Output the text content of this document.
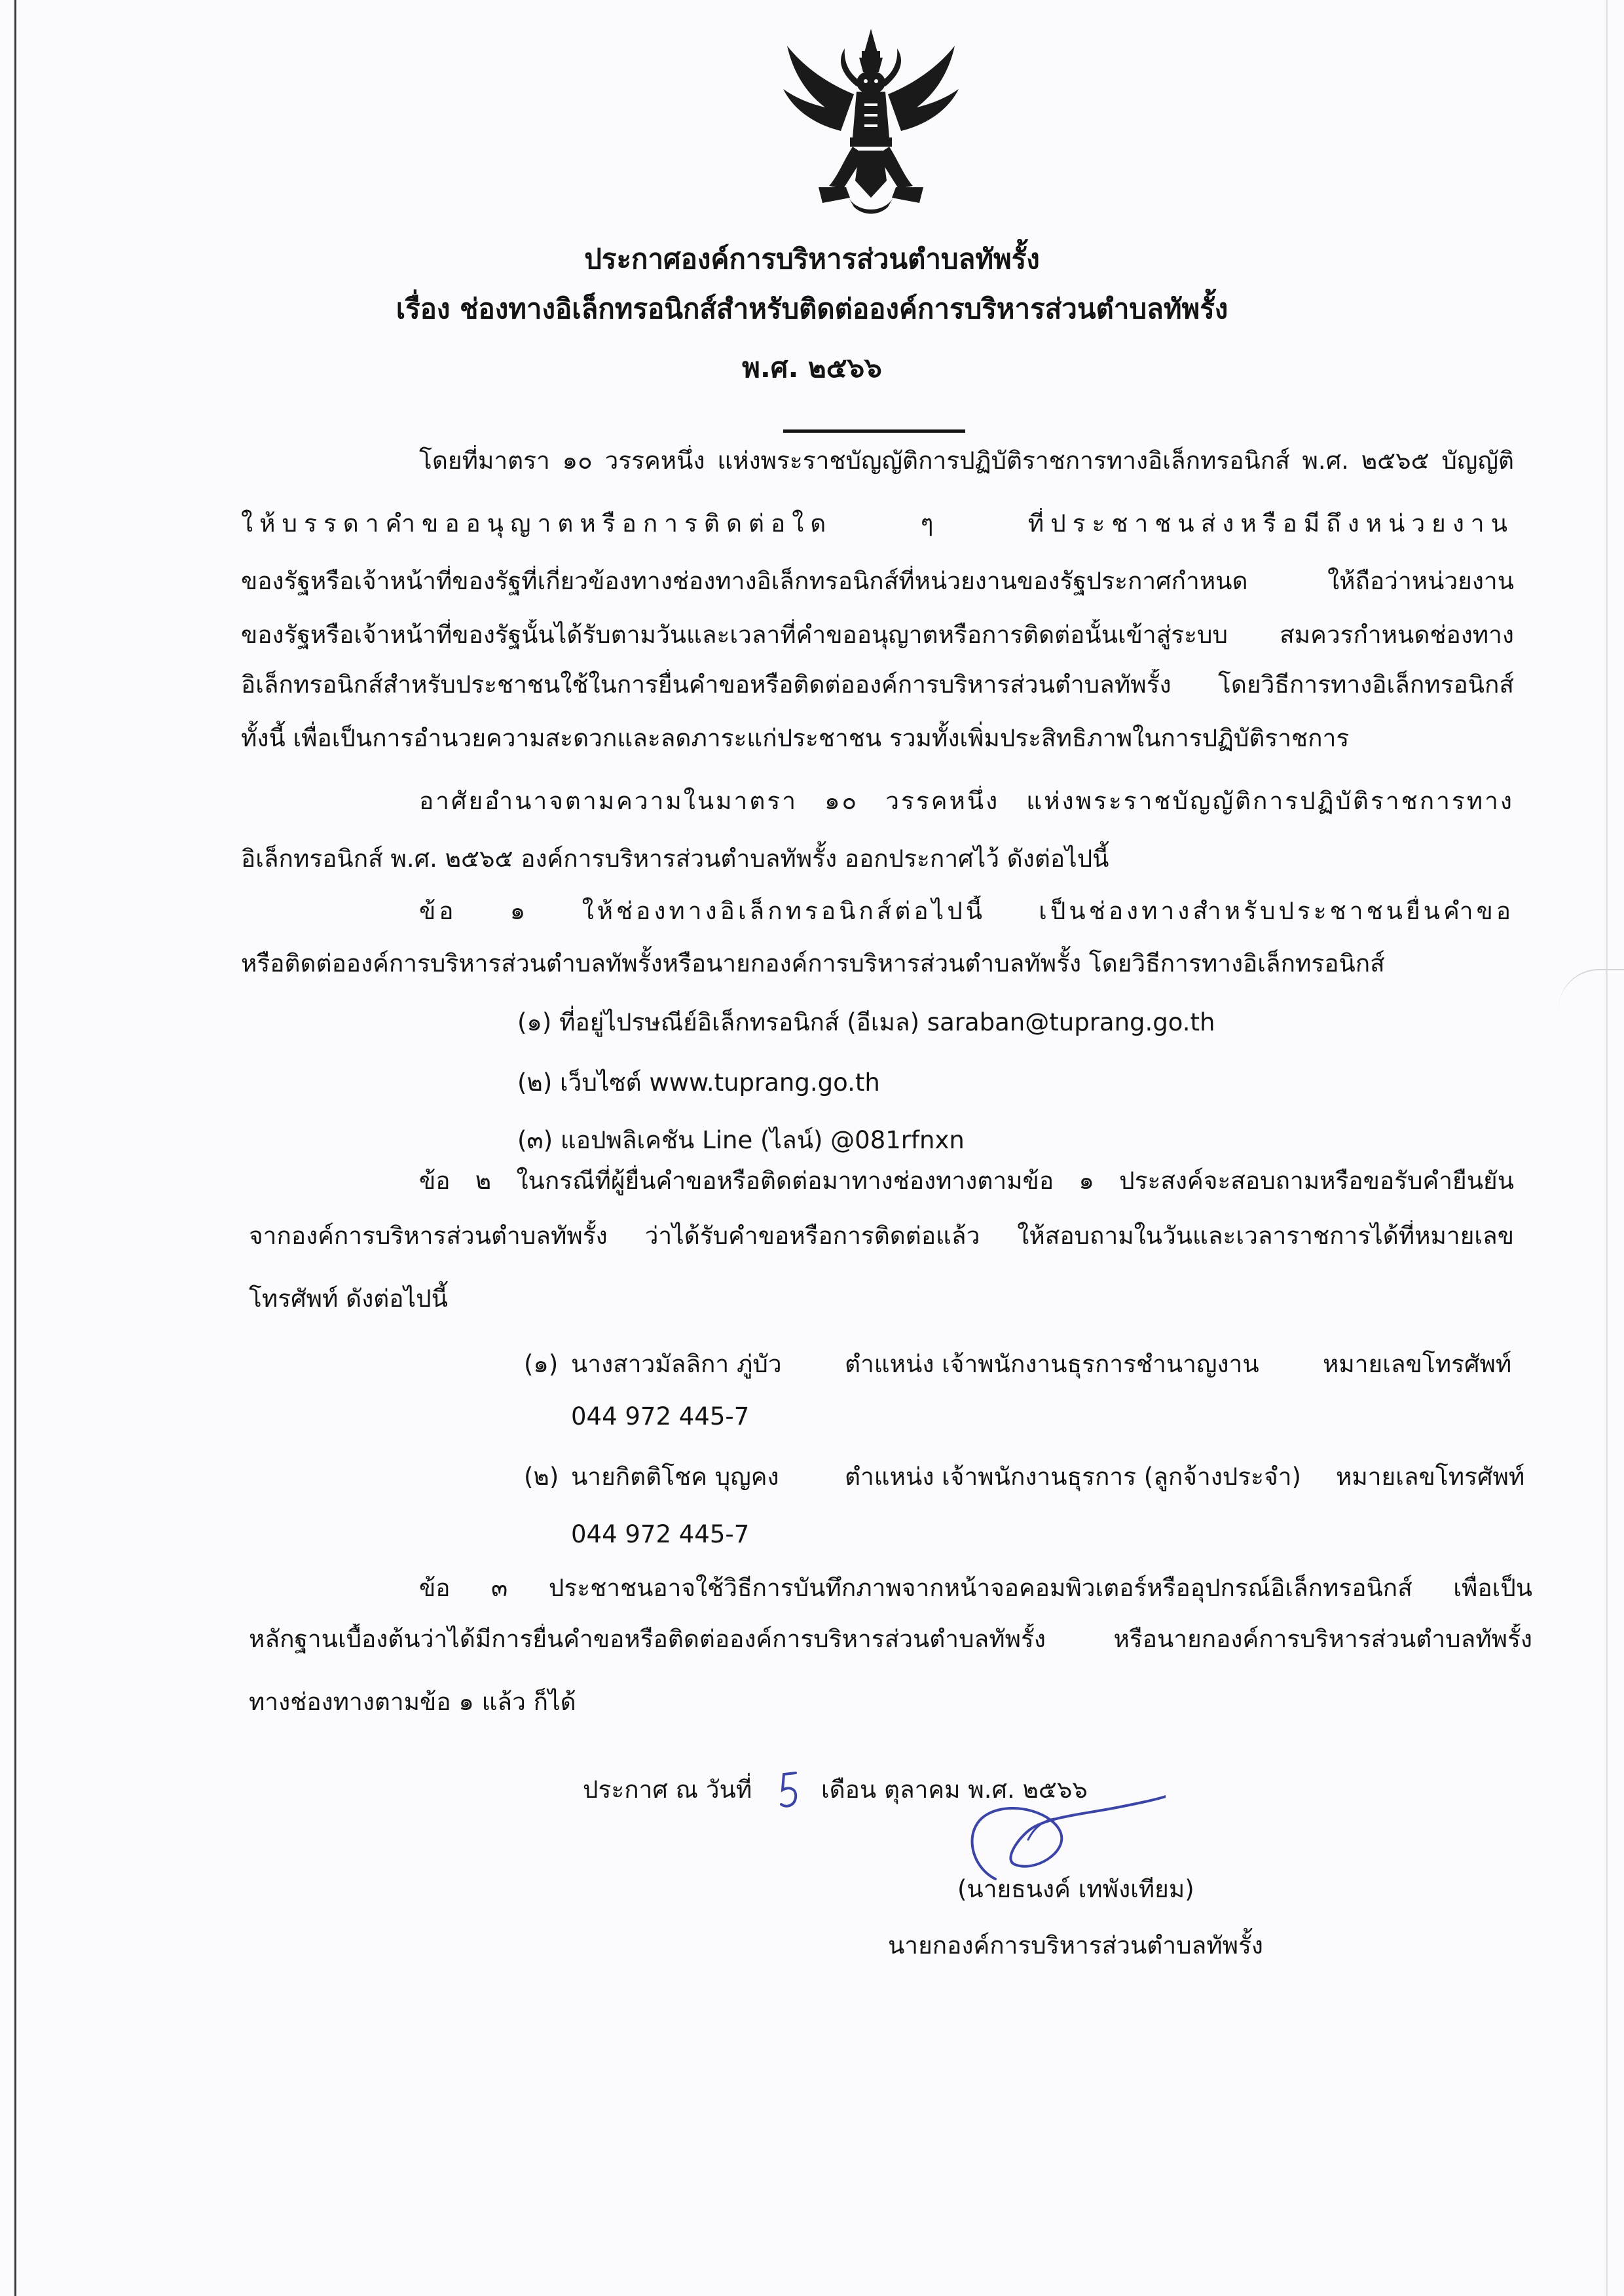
ประกาศองค์การบริหารส่วนตำบลทัพรั้ง
เรื่อง ช่องทางอิเล็กทรอนิกส์สำหรับติดต่อองค์การบริหารส่วนตำบลทัพรั้ง
พ.ศ. ๒๕๖๖
โดยที่มาตรา ๑๐ วรรคหนึ่ง แห่งพระราชบัญญัติการปฏิบัติราชการทางอิเล็กทรอนิกส์ พ.ศ. ๒๕๖๕ บัญญัติ
ให้บรรดาคำขออนุญาตหรือการติดต่อใด ๆ ที่ประชาชนส่งหรือมีถึงหน่วยงาน
ของรัฐหรือเจ้าหน้าที่ของรัฐที่เกี่ยวข้องทางช่องทางอิเล็กทรอนิกส์ที่หน่วยงานของรัฐประกาศกำหนด ให้ถือว่าหน่วยงาน
ของรัฐหรือเจ้าหน้าที่ของรัฐนั้นได้รับตามวันและเวลาที่คำขออนุญาตหรือการติดต่อนั้นเข้าสู่ระบบ สมควรกำหนดช่องทาง
อิเล็กทรอนิกส์สำหรับประชาชนใช้ในการยื่นคำขอหรือติดต่อองค์การบริหารส่วนตำบลทัพรั้ง โดยวิธีการทางอิเล็กทรอนิกส์
ทั้งนี้ เพื่อเป็นการอำนวยความสะดวกและลดภาระแก่ประชาชน รวมทั้งเพิ่มประสิทธิภาพในการปฏิบัติราชการ
อาศัยอำนาจตามความในมาตรา ๑๐ วรรคหนึ่ง แห่งพระราชบัญญัติการปฏิบัติราชการทาง
อิเล็กทรอนิกส์ พ.ศ. ๒๕๖๕ องค์การบริหารส่วนตำบลทัพรั้ง ออกประกาศไว้ ดังต่อไปนี้
ข้อ ๑ ให้ช่องทางอิเล็กทรอนิกส์ต่อไปนี้ เป็นช่องทางสำหรับประชาชนยื่นคำขอ
หรือติดต่อองค์การบริหารส่วนตำบลทัพรั้งหรือนายกองค์การบริหารส่วนตำบลทัพรั้ง โดยวิธีการทางอิเล็กทรอนิกส์
(๑) ที่อยู่ไปรษณีย์อิเล็กทรอนิกส์ (อีเมล) saraban@tuprang.go.th
(๒) เว็บไซต์ www.tuprang.go.th
(๓) แอปพลิเคชัน Line (ไลน์) @081rfnxn
ข้อ ๒ ในกรณีที่ผู้ยื่นคำขอหรือติดต่อมาทางช่องทางตามข้อ ๑ ประสงค์จะสอบถามหรือขอรับคำยืนยัน
จากองค์การบริหารส่วนตำบลทัพรั้ง ว่าได้รับคำขอหรือการติดต่อแล้ว ให้สอบถามในวันและเวลาราชการได้ที่หมายเลข
โทรศัพท์ ดังต่อไปนี้
(๑) นางสาวมัลลิกา ภู่บัว	ตำแหน่ง เจ้าพนักงานธุรการชำนาญงาน	หมายเลขโทรศัพท์
044 972 445-7
(๒) นายกิตติโชค บุญคง	ตำแหน่ง เจ้าพนักงานธุรการ (ลูกจ้างประจำ) หมายเลขโทรศัพท์
044 972 445-7
ข้อ ๓ ประชาชนอาจใช้วิธีการบันทึกภาพจากหน้าจอคอมพิวเตอร์หรืออุปกรณ์อิเล็กทรอนิกส์ เพื่อเป็น
หลักฐานเบื้องต้นว่าได้มีการยื่นคำขอหรือติดต่อองค์การบริหารส่วนตำบลทัพรั้ง หรือนายกองค์การบริหารส่วนตำบลทัพรั้ง
ทางช่องทางตามข้อ ๑ แล้ว ก็ได้
ประกาศ ณ วันที่	เดือน ตุลาคม พ.ศ. ๒๕๖๖
(นายธนงค์ เทพังเทียม)
นายกองค์การบริหารส่วนตำบลทัพรั้ง
